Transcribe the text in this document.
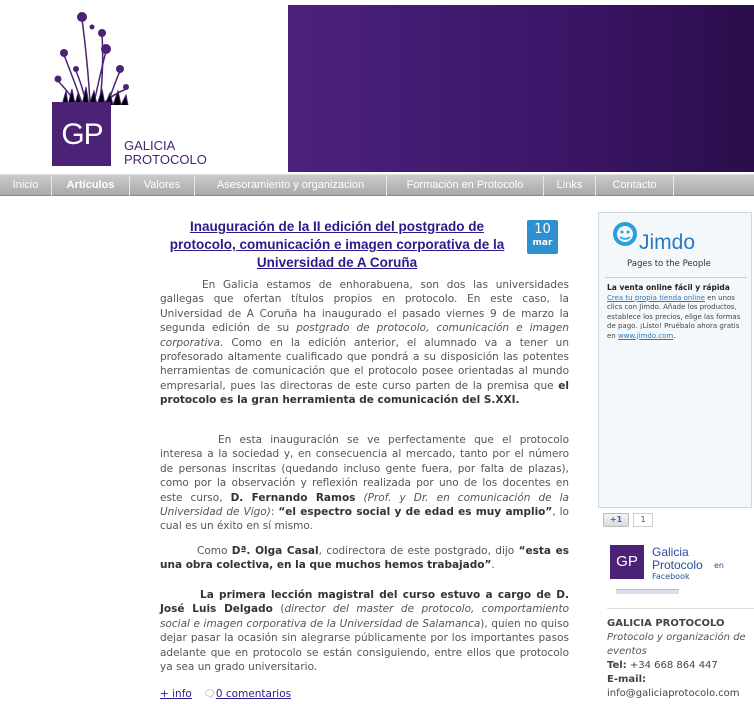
GP	GALICIA
PROTOCOLO
Inicio	Artículos	Valores	Asesoramiento y organizacion	Formación en Protocolo	Links	Contacto
Inauguración de la II edición del postgrado de protocolo, comunicación e imagen corporativa de la Universidad de A Coruña
10
mar

En Galicia estamos de enhorabuena, son dos las universidades gallegas que ofertan títulos propios en protocolo. En este caso, la Universidad de A Coruña ha inaugurado el pasado viernes 9 de marzo la segunda edición de su postgrado de protocolo, comunicación e imagen corporativa. Como en la edición anterior, el alumnado va a tener un profesorado altamente cualificado que pondrá a su disposición las potentes herramientas de comunicación que el protocolo posee orientadas al mundo empresarial, pues las directoras de este curso parten de la premisa que el protocolo es la gran herramienta de comunicación del S.XXI.

En esta inauguración se ve perfectamente que el protocolo interesa a la sociedad y, en consecuencia al mercado, tanto por el número de personas inscritas (quedando incluso gente fuera, por falta de plazas), como por la observación y reflexión realizada por uno de los docentes en este curso, D. Fernando Ramos (Prof. y Dr. en comunicación de la Universidad de Vigo): “el espectro social y de edad es muy amplio”, lo cual es un éxito en sí mismo.

Como Dª. Olga Casal, codirectora de este postgrado, dijo “esta es una obra colectiva, en la que muchos hemos trabajado”.

La primera lección magistral del curso estuvo a cargo de D. José Luis Delgado (director del master de protocolo, comportamiento social e imagen corporativa de la Universidad de Salamanca), quien no quiso dejar pasar la ocasión sin alegrarse públicamente por los importantes pasos adelante que en protocolo se están consiguiendo, entre ellos que protocolo ya sea un grado universitario.

+ info 🗨0 comentarios
Jimdo
Pages to the People
La venta online fácil y rápida
Crea tu propia tienda online en unos clics con Jimdo. Añade los productos, establece los precios, elige las formas de pago. ¡Listo! Pruébalo ahora gratis en www.jimdo.com.
+1	1
GP
Galicia
Protocolo en
Facebook
GALICIA PROTOCOLO
Protocolo y organización de eventos
Tel: +34 668 864 447
E-mail:
info@galiciaprotocolo.com
